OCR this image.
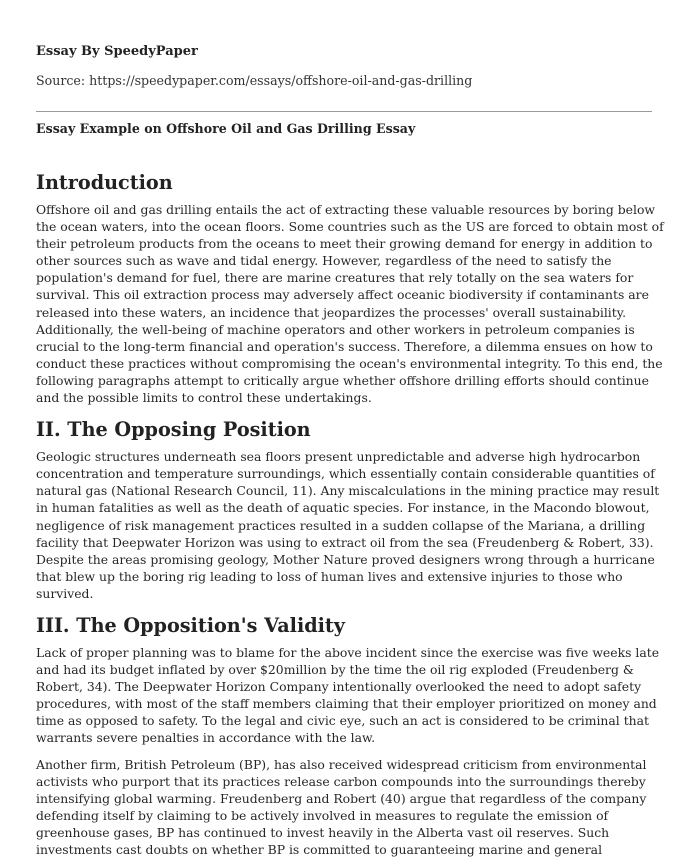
Essay By SpeedyPaper

Source: https://speedypaper.com/essays/offshore-oil-and-gas-drilling

Essay Example on Offshore Oil and Gas Drilling Essay

Introduction

Offshore oil and gas drilling entails the act of extracting these valuable resources by boring below the ocean waters, into the ocean floors. Some countries such as the US are forced to obtain most of their petroleum products from the oceans to meet their growing demand for energy in addition to other sources such as wave and tidal energy. However, regardless of the need to satisfy the population's demand for fuel, there are marine creatures that rely totally on the sea waters for survival. This oil extraction process may adversely affect oceanic biodiversity if contaminants are released into these waters, an incidence that jeopardizes the processes' overall sustainability. Additionally, the well-being of machine operators and other workers in petroleum companies is crucial to the long-term financial and operation's success. Therefore, a dilemma ensues on how to conduct these practices without compromising the ocean's environmental integrity. To this end, the following paragraphs attempt to critically argue whether offshore drilling efforts should continue and the possible limits to control these undertakings.

II. The Opposing Position

Geologic structures underneath sea floors present unpredictable and adverse high hydrocarbon concentration and temperature surroundings, which essentially contain considerable quantities of natural gas (National Research Council, 11). Any miscalculations in the mining practice may result in human fatalities as well as the death of aquatic species. For instance, in the Macondo blowout, negligence of risk management practices resulted in a sudden collapse of the Mariana, a drilling facility that Deepwater Horizon was using to extract oil from the sea (Freudenberg & Robert, 33). Despite the areas promising geology, Mother Nature proved designers wrong through a hurricane that blew up the boring rig leading to loss of human lives and extensive injuries to those who survived.

III. The Opposition's Validity

Lack of proper planning was to blame for the above incident since the exercise was five weeks late and had its budget inflated by over $20million by the time the oil rig exploded (Freudenberg & Robert, 34). The Deepwater Horizon Company intentionally overlooked the need to adopt safety procedures, with most of the staff members claiming that their employer prioritized on money and time as opposed to safety. To the legal and civic eye, such an act is considered to be criminal that warrants severe penalties in accordance with the law.

Another firm, British Petroleum (BP), has also received widespread criticism from environmental activists who purport that its practices release carbon compounds into the surroundings thereby intensifying global warming. Freudenberg and Robert (40) argue that regardless of the company defending itself by claiming to be actively involved in measures to regulate the emission of greenhouse gases, BP has continued to invest heavily in the Alberta vast oil reserves. Such investments cast doubts on whether BP is committed to guaranteeing marine and general
